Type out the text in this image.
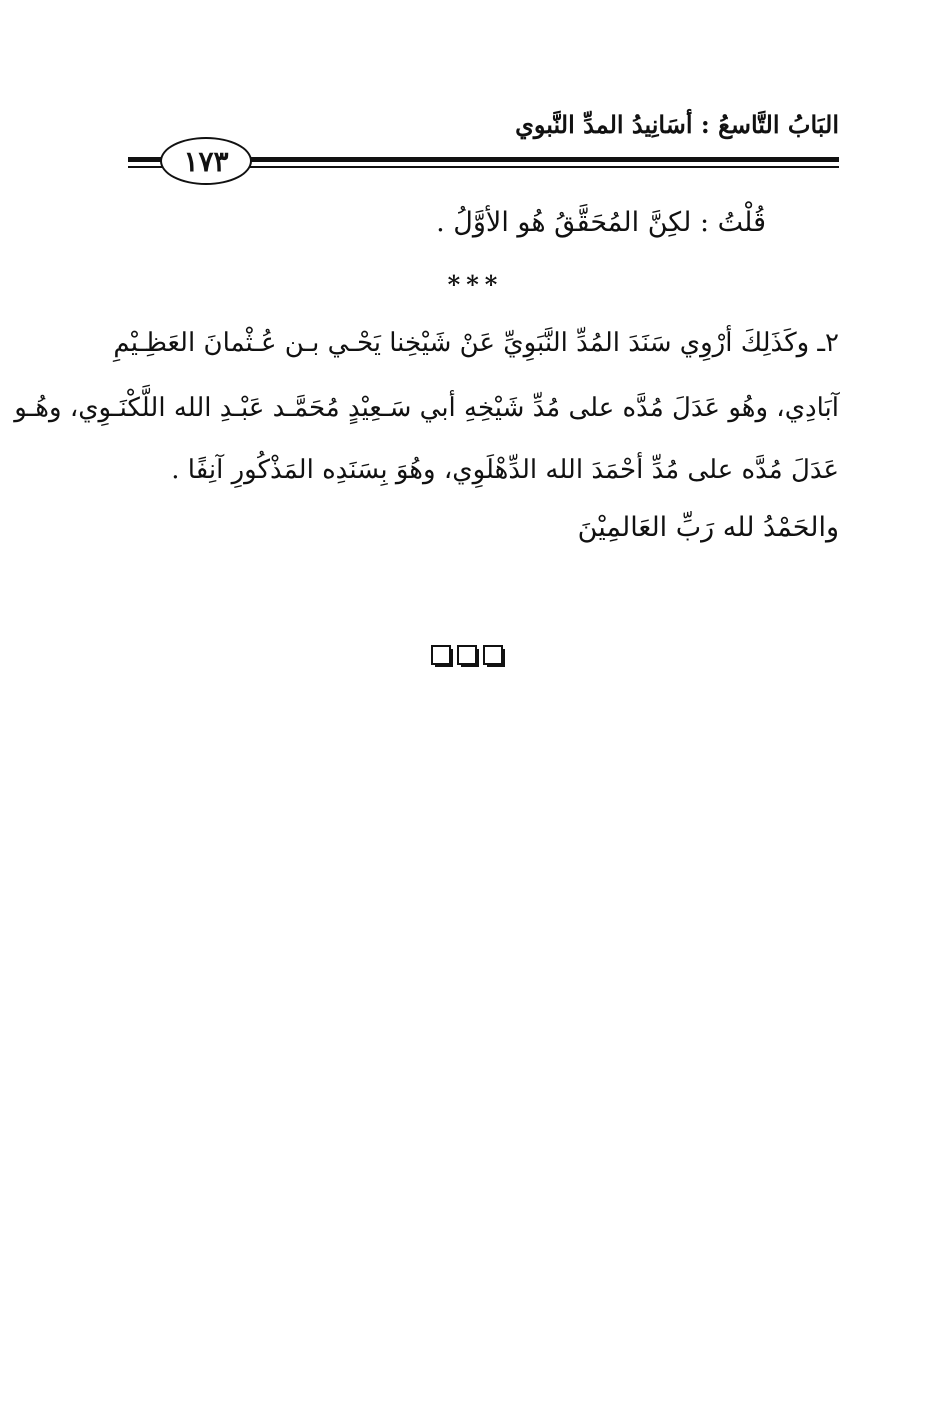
البَابُ التَّاسعُ : أسَانِيدُ المدِّ النَّبوي
١٧٣
قُلْتُ : لكِنَّ المُحَقَّقُ هُو الأوَّلُ .
***
٢ـ وكَذَلِكَ أرْوِي سَنَدَ المُدِّ النَّبَوِيِّ عَنْ شَيْخِنا يَحْـي بـن عُـثْمانَ العَظِـيْمِ
آبَادِي، وهُو عَدَلَ مُدَّه على مُدِّ شَيْخِهِ أبي سَـعِيْدٍ مُحَمَّـد عَبْـدِ الله اللَّكْنَـوِي، وهُـو
عَدَلَ مُدَّه على مُدِّ أحْمَدَ الله الدِّهْلَوِي، وهُوَ بِسَنَدِه المَذْكُورِ آنِفًا .
والحَمْدُ لله رَبِّ العَالمِيْنَ
